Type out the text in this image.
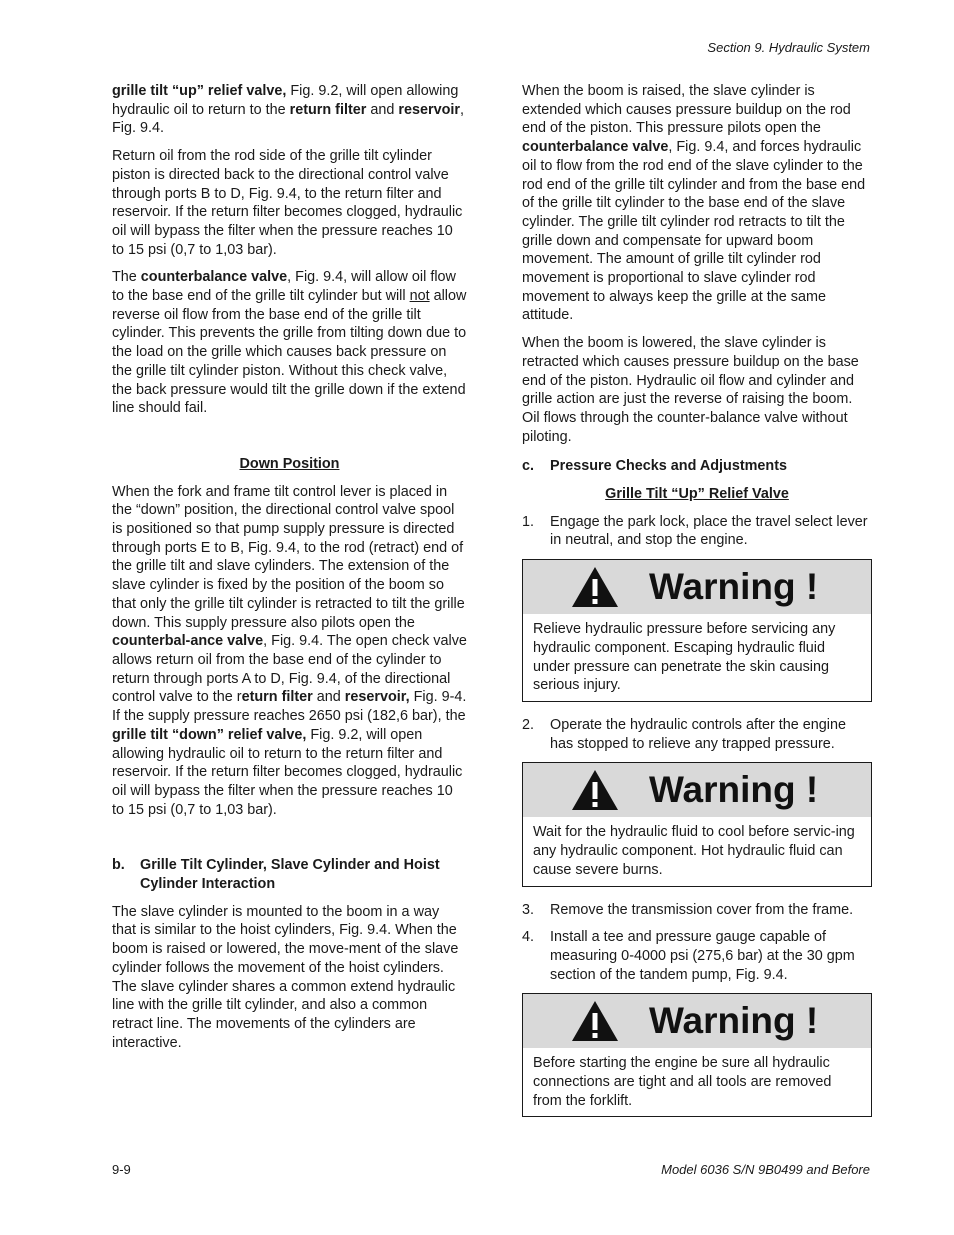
Section 9. Hydraulic System

grille tilt “up” relief valve, Fig. 9.2, will open allowing hydraulic oil to return to the return filter and reservoir, Fig. 9.4.

Return oil from the rod side of the grille tilt cylinder piston is directed back to the directional control valve through ports B to D, Fig. 9.4, to the return filter and reservoir. If the return filter becomes clogged, hydraulic oil will bypass the filter when the pressure reaches 10 to 15 psi (0,7 to 1,03 bar).

The counterbalance valve, Fig. 9.4, will allow oil flow to the base end of the grille tilt cylinder but will not allow reverse oil flow from the base end of the grille tilt cylinder. This prevents the grille from tilting down due to the load on the grille which causes back pressure on the grille tilt cylinder piston. Without this check valve, the back pressure would tilt the grille down if the extend line should fail.

Down Position

When the fork and frame tilt control lever is placed in the “down” position, the directional control valve spool is positioned so that pump supply pressure is directed through ports E to B, Fig. 9.4, to the rod (retract) end of the grille tilt and slave cylinders. The extension of the slave cylinder is fixed by the position of the boom so that only the grille tilt cylinder is retracted to tilt the grille down. This supply pressure also pilots open the counterbal-ance valve, Fig. 9.4. The open check valve allows return oil from the base end of the cylinder to return through ports A to D, Fig. 9.4, of the directional control valve to the return filter and reservoir, Fig. 9-4. If the supply pressure reaches 2650 psi (182,6 bar), the grille tilt “down” relief valve, Fig. 9.2, will open allowing hydraulic oil to return to the return filter and reservoir. If the return filter becomes clogged, hydraulic oil will bypass the filter when the pressure reaches 10 to 15 psi (0,7 to 1,03 bar).

b.	Grille Tilt Cylinder, Slave Cylinder and Hoist Cylinder Interaction

The slave cylinder is mounted to the boom in a way that is similar to the hoist cylinders, Fig. 9.4. When the boom is raised or lowered, the move-ment of the slave cylinder follows the movement of the hoist cylinders. The slave cylinder shares a common extend hydraulic line with the grille tilt cylinder, and also a common retract line. The movements of the cylinders are interactive.

When the boom is raised, the slave cylinder is extended which causes pressure buildup on the rod end of the piston. This pressure pilots open the counterbalance valve, Fig. 9.4, and forces hydraulic oil to flow from the rod end of the slave cylinder to the rod end of the grille tilt cylinder and from the base end of the grille tilt cylinder to the base end of the slave cylinder. The grille tilt cylinder rod retracts to tilt the grille down and compensate for upward boom movement. The amount of grille tilt cylinder rod movement is proportional to slave cylinder rod movement to always keep the grille at the same attitude.

When the boom is lowered, the slave cylinder is retracted which causes pressure buildup on the base end of the piston. Hydraulic oil flow and cylinder and grille action are just the reverse of raising the boom. Oil flows through the counter-balance valve without piloting.

c.	Pressure Checks and Adjustments
Grille Tilt “Up” Relief Valve
1.	Engage the park lock, place the travel select lever in neutral, and stop the engine.
Warning !
Relieve hydraulic pressure before servicing any hydraulic component. Escaping hydraulic fluid under pressure can penetrate the skin causing serious injury.
2.	Operate the hydraulic controls after the engine has stopped to relieve any trapped pressure.
Warning !
Wait for the hydraulic fluid to cool before servic-ing any hydraulic component. Hot hydraulic fluid can cause severe burns.
3.	Remove the transmission cover from the frame.
4.	Install a tee and pressure gauge capable of measuring 0-4000 psi (275,6 bar) at the 30 gpm section of the tandem pump, Fig. 9.4.
Warning !
Before starting the engine be sure all hydraulic connections are tight and all tools are removed from the forklift.
9-9	Model 6036 S/N 9B0499 and Before
